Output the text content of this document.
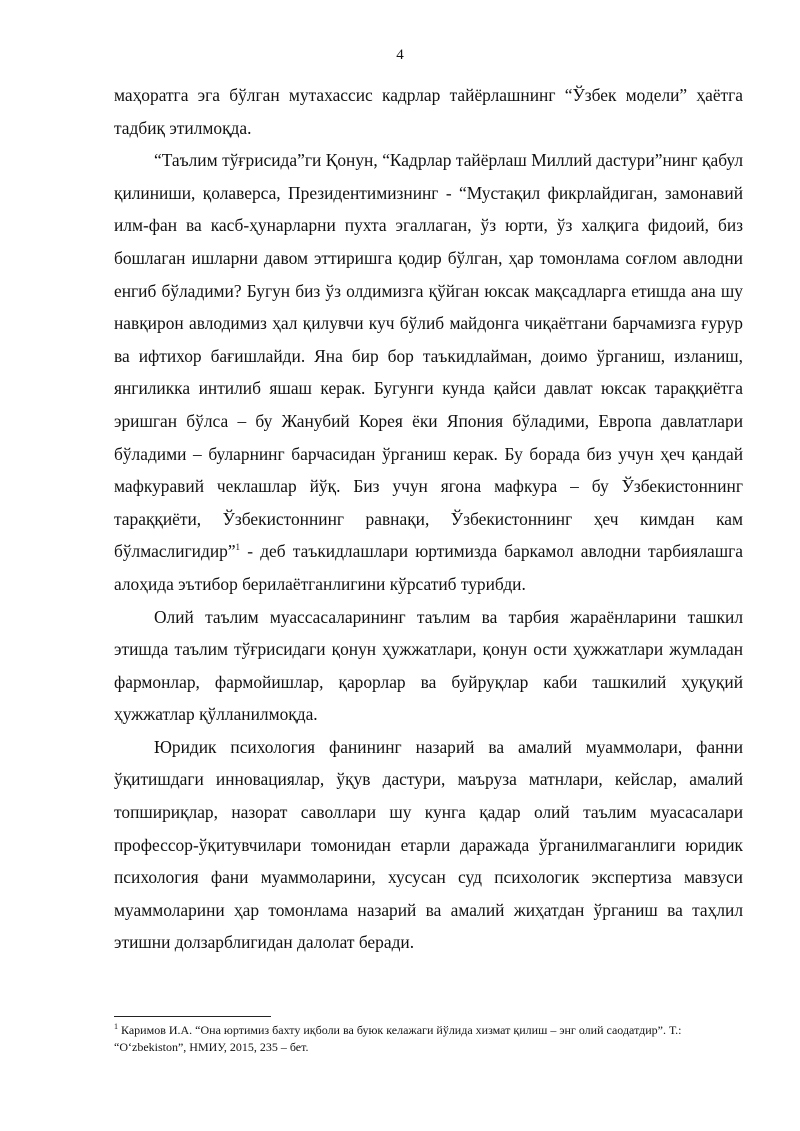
4

маҳоратга эга бўлган мутахассис кадрлар тайёрлашнинг “Ўзбек модели” ҳаётга тадбиқ этилмоқда.

“Таълим тўғрисида”ги Қонун, “Кадрлар тайёрлаш Миллий дастури”нинг қабул қилиниши, қолаверса, Президентимизнинг - “Мустақил фикрлайдиган, замонавий илм-фан ва касб-ҳунарларни пухта эгаллаган, ўз юрти, ўз халқига фидоий, биз бошлаган ишларни давом эттиришга қодир бўлган, ҳар томонлама соғлом авлодни енгиб бўладими? Бугун биз ўз олдимизга қўйган юксак мақсадларга етишда ана шу навқирон авлодимиз ҳал қилувчи куч бўлиб майдонга чиқаётгани барчамизга ғурур ва ифтихор бағишлайди. Яна бир бор таъкидлайман, доимо ўрганиш, изланиш, янгиликка интилиб яшаш керак. Бугунги кунда қайси давлат юксак тараққиётга эришган бўлса – бу Жанубий Корея ёки Япония бўладими, Европа давлатлари бўладими – буларнинг барчасидан ўрганиш керак. Бу борада биз учун ҳеч қандай мафкуравий чеклашлар йўқ. Биз учун ягона мафкура – бу Ўзбекистоннинг тараққиёти, Ўзбекистоннинг равнақи, Ўзбекистоннинг ҳеч кимдан кам бўлмаслигидир”$^1$ - деб таъкидлашлари юртимизда баркамол авлодни тарбиялашга алоҳида эътибор берилаётганлигини кўрсатиб турибди.

Олий таълим муассасаларининг таълим ва тарбия жараёнларини ташкил этишда таълим тўғрисидаги қонун ҳужжатлари, қонун ости ҳужжатлари жумладан фармонлар, фармойишлар, қарорлар ва буйруқлар каби ташкилий ҳуқуқий ҳужжатлар қўлланилмоқда.

Юридик психология фанининг назарий ва амалий муаммолари, фанни ўқитишдаги инновациялар, ўқув дастури, маъруза матнлари, кейслар, амалий топшириқлар, назорат саволлари шу кунга қадар олий таълим муасасалари профессор-ўқитувчилари томонидан етарли даражада ўрганилмаганлиги юридик психология фани муаммоларини, хусусан суд психологик экспертиза мавзуси муаммоларини ҳар томонлама назарий ва амалий жиҳатдан ўрганиш ва таҳлил этишни долзарблигидан далолат беради.

$^1$ Каримов И.А. “Она юртимиз бахту иқболи ва буюк келажаги йўлида хизмат қилиш – энг олий саодатдир”. Т.: “O‘zbekiston”, НМИУ, 2015, 235 – бет.
